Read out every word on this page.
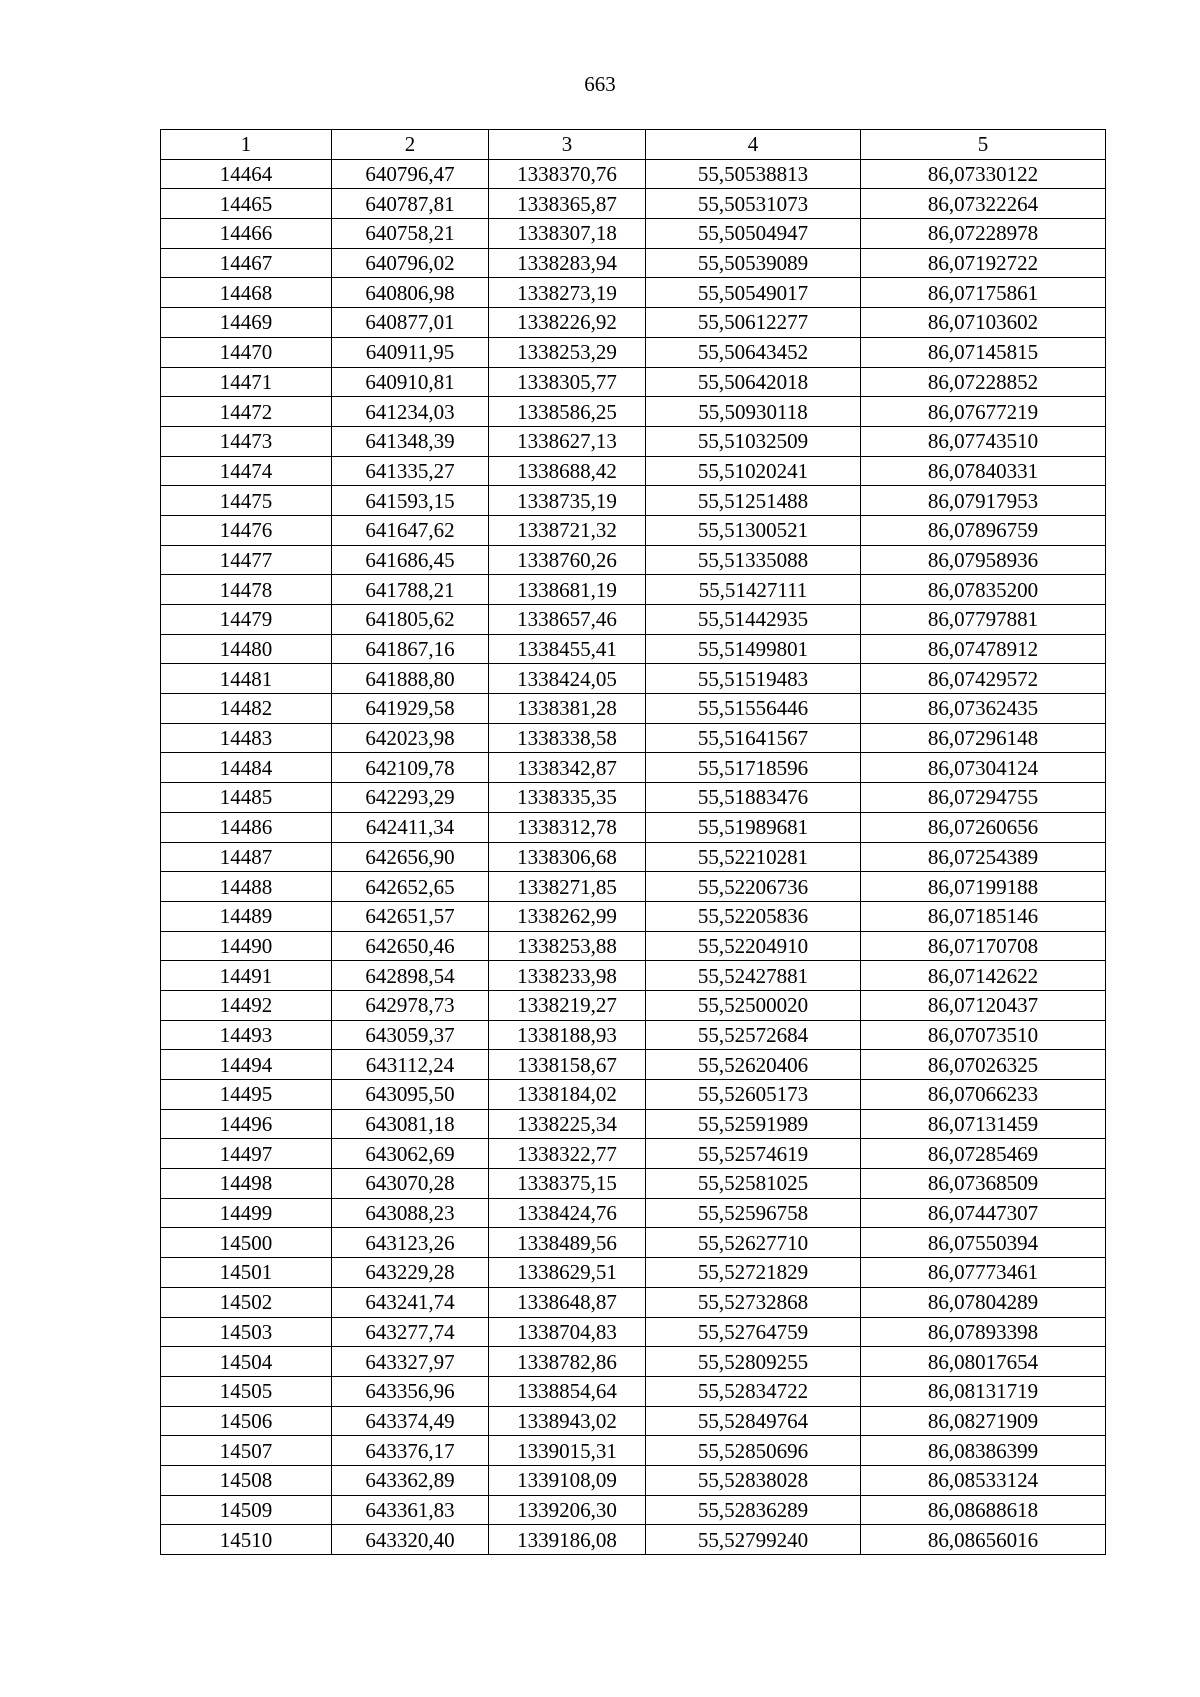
663
1	2	3	4	5
14464	640796,47	1338370,76	55,50538813	86,07330122
14465	640787,81	1338365,87	55,50531073	86,07322264
14466	640758,21	1338307,18	55,50504947	86,07228978
14467	640796,02	1338283,94	55,50539089	86,07192722
14468	640806,98	1338273,19	55,50549017	86,07175861
14469	640877,01	1338226,92	55,50612277	86,07103602
14470	640911,95	1338253,29	55,50643452	86,07145815
14471	640910,81	1338305,77	55,50642018	86,07228852
14472	641234,03	1338586,25	55,50930118	86,07677219
14473	641348,39	1338627,13	55,51032509	86,07743510
14474	641335,27	1338688,42	55,51020241	86,07840331
14475	641593,15	1338735,19	55,51251488	86,07917953
14476	641647,62	1338721,32	55,51300521	86,07896759
14477	641686,45	1338760,26	55,51335088	86,07958936
14478	641788,21	1338681,19	55,51427111	86,07835200
14479	641805,62	1338657,46	55,51442935	86,07797881
14480	641867,16	1338455,41	55,51499801	86,07478912
14481	641888,80	1338424,05	55,51519483	86,07429572
14482	641929,58	1338381,28	55,51556446	86,07362435
14483	642023,98	1338338,58	55,51641567	86,07296148
14484	642109,78	1338342,87	55,51718596	86,07304124
14485	642293,29	1338335,35	55,51883476	86,07294755
14486	642411,34	1338312,78	55,51989681	86,07260656
14487	642656,90	1338306,68	55,52210281	86,07254389
14488	642652,65	1338271,85	55,52206736	86,07199188
14489	642651,57	1338262,99	55,52205836	86,07185146
14490	642650,46	1338253,88	55,52204910	86,07170708
14491	642898,54	1338233,98	55,52427881	86,07142622
14492	642978,73	1338219,27	55,52500020	86,07120437
14493	643059,37	1338188,93	55,52572684	86,07073510
14494	643112,24	1338158,67	55,52620406	86,07026325
14495	643095,50	1338184,02	55,52605173	86,07066233
14496	643081,18	1338225,34	55,52591989	86,07131459
14497	643062,69	1338322,77	55,52574619	86,07285469
14498	643070,28	1338375,15	55,52581025	86,07368509
14499	643088,23	1338424,76	55,52596758	86,07447307
14500	643123,26	1338489,56	55,52627710	86,07550394
14501	643229,28	1338629,51	55,52721829	86,07773461
14502	643241,74	1338648,87	55,52732868	86,07804289
14503	643277,74	1338704,83	55,52764759	86,07893398
14504	643327,97	1338782,86	55,52809255	86,08017654
14505	643356,96	1338854,64	55,52834722	86,08131719
14506	643374,49	1338943,02	55,52849764	86,08271909
14507	643376,17	1339015,31	55,52850696	86,08386399
14508	643362,89	1339108,09	55,52838028	86,08533124
14509	643361,83	1339206,30	55,52836289	86,08688618
14510	643320,40	1339186,08	55,52799240	86,08656016
